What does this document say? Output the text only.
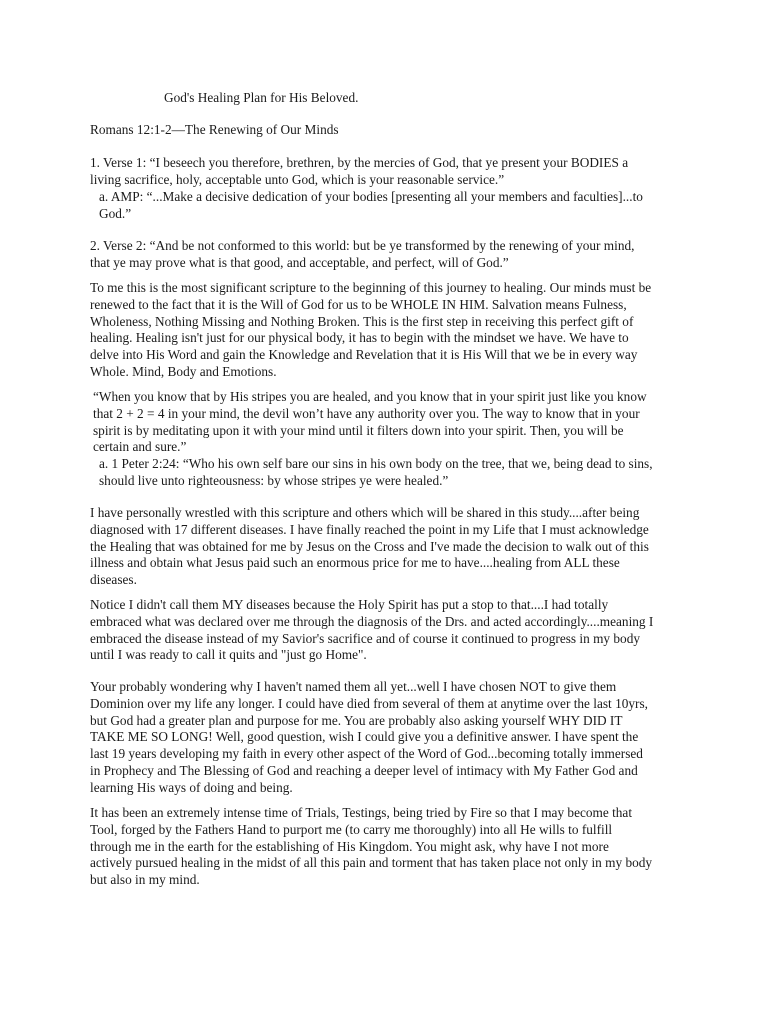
God's Healing Plan for His Beloved.

Romans 12:1-2—The Renewing of Our Minds

1. Verse 1: “I beseech you therefore, brethren, by the mercies of God, that ye present your BODIES a
living sacrifice, holy, acceptable unto God, which is your reasonable service.”

a. AMP: “...Make a decisive dedication of your bodies [presenting all your members and faculties]...to
God.”

2. Verse 2: “And be not conformed to this world: but be ye transformed by the renewing of your mind,
that ye may prove what is that good, and acceptable, and perfect, will of God.”

To me this is the most significant scripture to the beginning of this journey to healing. Our minds must be
renewed to the fact that it is the Will of God for us to be WHOLE IN HIM. Salvation means Fulness,
Wholeness, Nothing Missing and Nothing Broken. This is the first step in receiving this perfect gift of
healing. Healing isn't just for our physical body, it has to begin with the mindset we have. We have to
delve into His Word and gain the Knowledge and Revelation that it is His Will that we be in every way
Whole. Mind, Body and Emotions.

“When you know that by His stripes you are healed, and you know that in your spirit just like you know
that 2 + 2 = 4 in your mind, the devil won’t have any authority over you. The way to know that in your
spirit is by meditating upon it with your mind until it filters down into your spirit. Then, you will be
certain and sure.”

a. 1 Peter 2:24: “Who his own self bare our sins in his own body on the tree, that we, being dead to sins,
should live unto righteousness: by whose stripes ye were healed.”

I have personally wrestled with this scripture and others which will be shared in this study....after being
diagnosed with 17 different diseases. I have finally reached the point in my Life that I must acknowledge
the Healing that was obtained for me by Jesus on the Cross and I've made the decision to walk out of this
illness and obtain what Jesus paid such an enormous price for me to have....healing from ALL these
diseases.

Notice I didn't call them MY diseases because the Holy Spirit has put a stop to that....I had totally
embraced what was declared over me through the diagnosis of the Drs. and acted accordingly....meaning I
embraced the disease instead of my Savior's sacrifice and of course it continued to progress in my body
until I was ready to call it quits and "just go Home".

Your probably wondering why I haven't named them all yet...well I have chosen NOT to give them
Dominion over my life any longer. I could have died from several of them at anytime over the last 10yrs,
but God had a greater plan and purpose for me. You are probably also asking yourself WHY DID IT
TAKE ME SO LONG! Well, good question, wish I could give you a definitive answer. I have spent the
last 19 years developing my faith in every other aspect of the Word of God...becoming totally immersed
in Prophecy and The Blessing of God and reaching a deeper level of intimacy with My Father God and
learning His ways of doing and being.

It has been an extremely intense time of Trials, Testings, being tried by Fire so that I may become that
Tool, forged by the Fathers Hand to purport me (to carry me thoroughly) into all He wills to fulfill
through me in the earth for the establishing of His Kingdom. You might ask, why have I not more
actively pursued healing in the midst of all this pain and torment that has taken place not only in my body
but also in my mind.
